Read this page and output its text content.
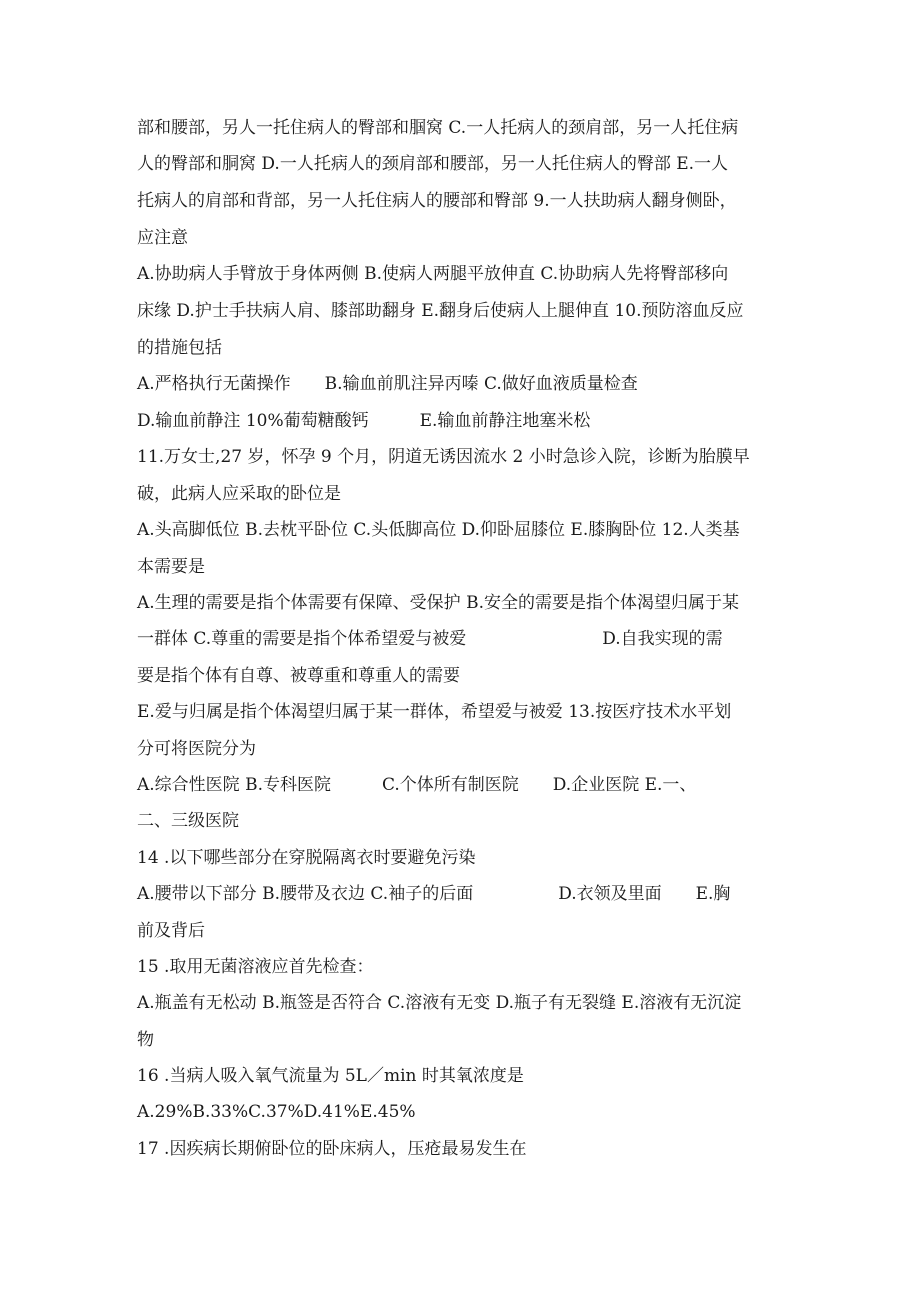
部和腰部，另人一托住病人的臀部和腘窝 C.一人托病人的颈肩部，另一人托住病

人的臀部和胴窝 D.一人托病人的颈肩部和腰部，另一人托住病人的臀部 E.一人

托病人的肩部和背部，另一人托住病人的腰部和臀部 9.一人扶助病人翻身侧卧，

应注意

A.协助病人手臂放于身体两侧 B.使病人两腿平放伸直 C.协助病人先将臀部移向

床缘 D.护士手扶病人肩、膝部助翻身 E.翻身后使病人上腿伸直 10.预防溶血反应

的措施包括

A.严格执行无菌操作　　B.输血前肌注异丙嗪 C.做好血液质量检查

D.输血前静注 10%葡萄糖酸钙　　　E.输血前静注地塞米松

11.万女士,27 岁，怀孕 9 个月，阴道无诱因流水 2 小时急诊入院，诊断为胎膜早

破，此病人应采取的卧位是

A.头高脚低位 B.去枕平卧位 C.头低脚高位 D.仰卧屈膝位 E.膝胸卧位 12.人类基

本需要是

A.生理的需要是指个体需要有保障、受保护 B.安全的需要是指个体渴望归属于某

一群体 C.尊重的需要是指个体希望爱与被爱　　　　　　　　D.自我实现的需

要是指个体有自尊、被尊重和尊重人的需要

E.爱与归属是指个体渴望归属于某一群体，希望爱与被爱 13.按医疗技术水平划

分可将医院分为

A.综合性医院 B.专科医院　　　C.个体所有制医院　　D.企业医院 E.一、

二、三级医院

14 .以下哪些部分在穿脱隔离衣时要避免污染

A.腰带以下部分 B.腰带及衣边 C.袖子的后面　　　　　D.衣领及里面　　E.胸

前及背后

15 .取用无菌溶液应首先检查：

A.瓶盖有无松动 B.瓶签是否符合 C.溶液有无变 D.瓶子有无裂缝 E.溶液有无沉淀

物

16 .当病人吸入氧气流量为 5L／min 时其氧浓度是

A.29%B.33%C.37%D.41%E.45%

17 .因疾病长期俯卧位的卧床病人，压疮最易发生在
